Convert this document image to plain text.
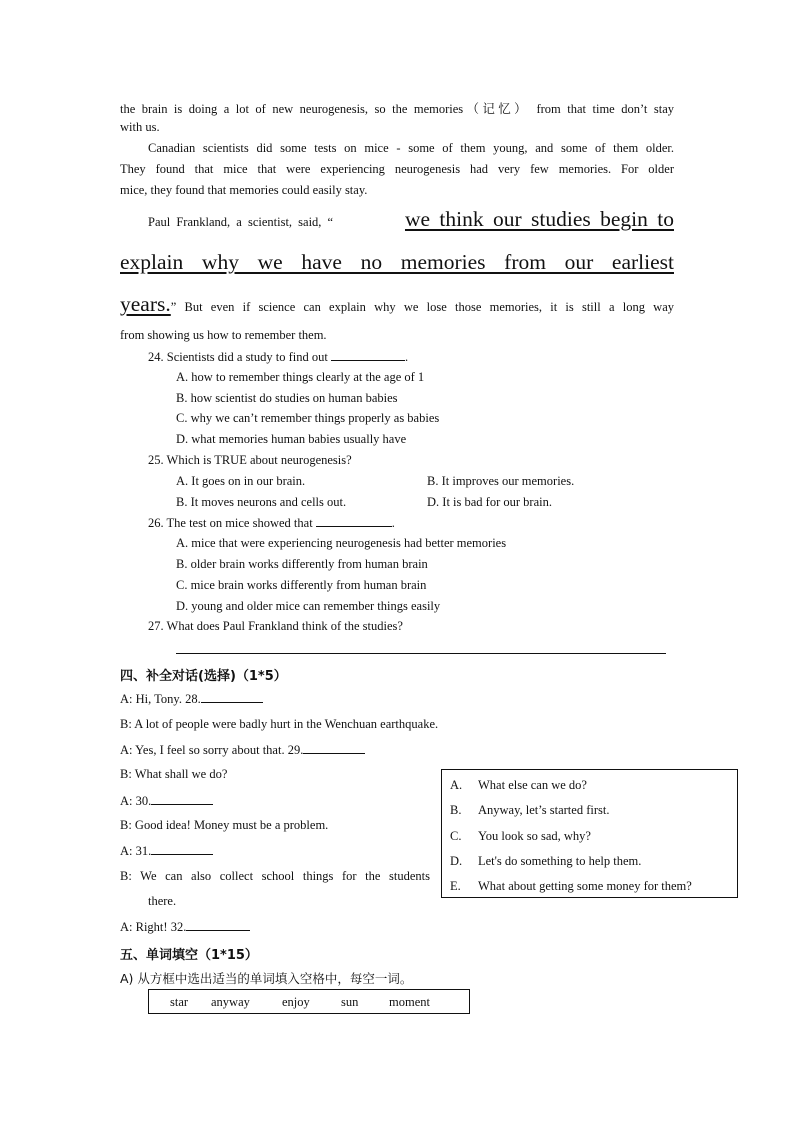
the brain is doing a lot of new neurogenesis, so the memories（记忆） from that time don’t stay
with us.
Canadian scientists did some tests on mice - some of them young, and some of them older.
They found that mice that were experiencing neurogenesis had very few memories. For older
mice, they found that memories could easily stay.
Paul Frankland, a scientist, said, “	we think our studies begin to
explain why we have no memories from our earliest
years. ” But even if science can explain why we lose those memories, it is still a long way
from showing us how to remember them.
24. Scientists did a study to find out	.
A. how to remember things clearly at the age of 1
B. how scientist do studies on human babies
C. why we can’t remember things properly as babies
D. what memories human babies usually have
25. Which is TRUE about neurogenesis?
A. It goes on in our brain.	B. It improves our memories.
B. It moves neurons and cells out.	D. It is bad for our brain.
26. The test on mice showed that	.
A. mice that were experiencing neurogenesis had better memories
B. older brain works differently from human brain
C. mice brain works differently from human brain
D. young and older mice can remember things easily
27. What does Paul Frankland think of the studies?
四、补全对话(选择)（1*5）
A: Hi, Tony. 28.
B: A lot of people were badly hurt in the Wenchuan earthquake.
A: Yes, I feel so sorry about that. 29.
B: What shall we do?
A: 30.
B: Good idea! Money must be a problem.
A: 31.
B: We can also collect school things for the students
there.
A: Right! 32.
A. What else can we do?
B. Anyway, let’s started first.
C. You look so sad, why?
D. Let's do something to help them.
E. What about getting some money for them?
五、单词填空（1*15）
A) 从方框中选出适当的单词填入空格中，每空一词。
star anyway	enjoy sun moment
